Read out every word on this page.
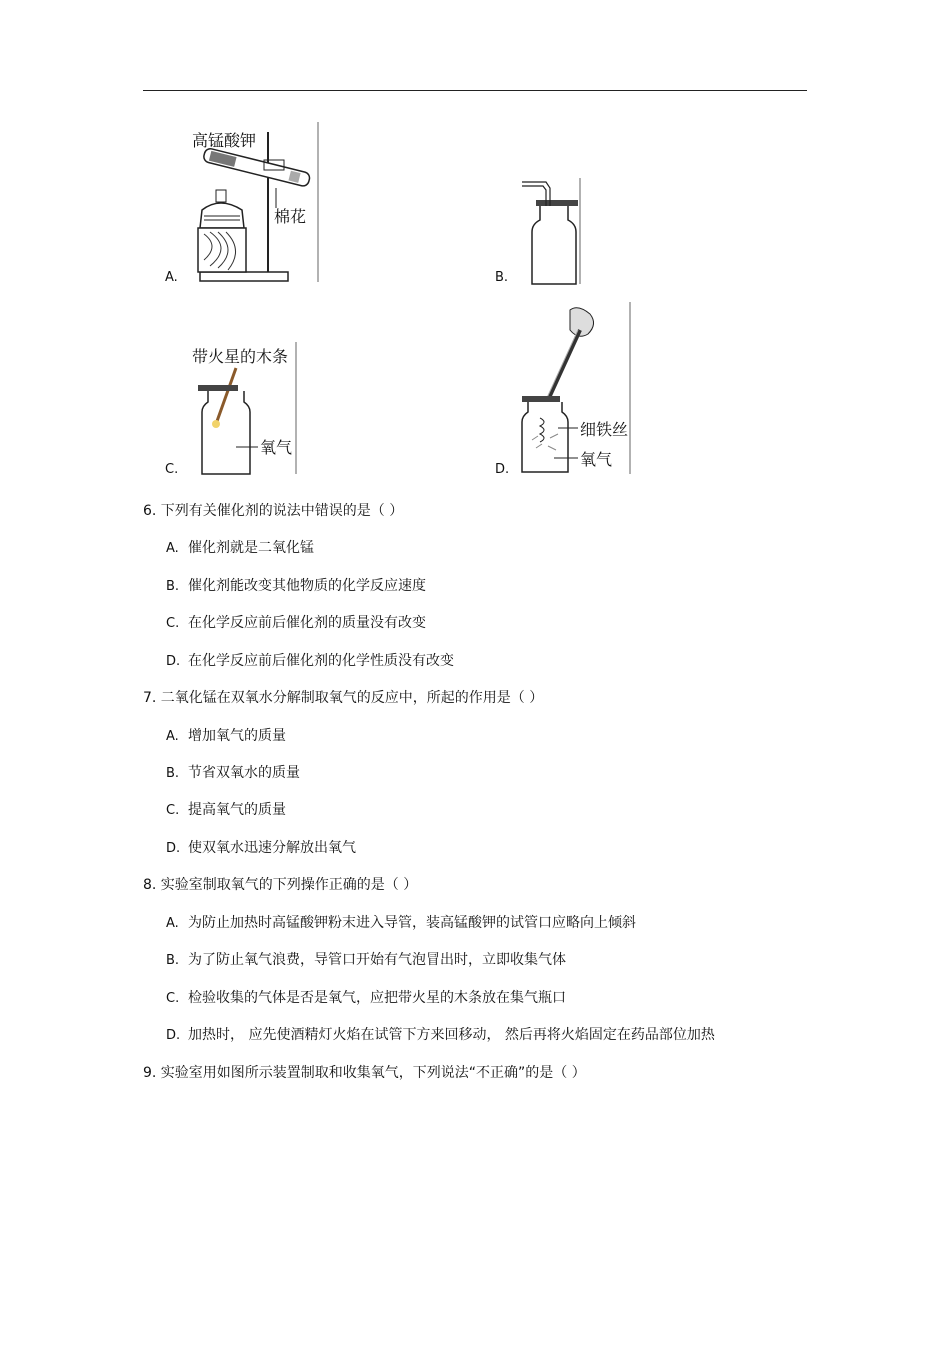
高锰酸钾
棉花
A.	B.
带火星的木条
氧气
C.
细铁丝
氧气
D.
6. 下列有关催化剂的说法中错误的是（ ）
A. 催化剂就是二氧化锰
B. 催化剂能改变其他物质的化学反应速度
C. 在化学反应前后催化剂的质量没有改变
D. 在化学反应前后催化剂的化学性质没有改变
7. 二氧化锰在双氧水分解制取氧气的反应中，所起的作用是（ ）
A. 增加氧气的质量
B. 节省双氧水的质量
C. 提高氧气的质量
D. 使双氧水迅速分解放出氧气
8. 实验室制取氧气的下列操作正确的是（ ）
A. 为防止加热时高锰酸钾粉末进入导管，装高锰酸钾的试管口应略向上倾斜
B. 为了防止氧气浪费，导管口开始有气泡冒出时，立即收集气体
C. 检验收集的气体是否是氧气，应把带火星的木条放在集气瓶口
D. 加热时， 应先使酒精灯火焰在试管下方来回移动， 然后再将火焰固定在药品部位加热
9. 实验室用如图所示装置制取和收集氧气，下列说法“不正确”的是（ ）
